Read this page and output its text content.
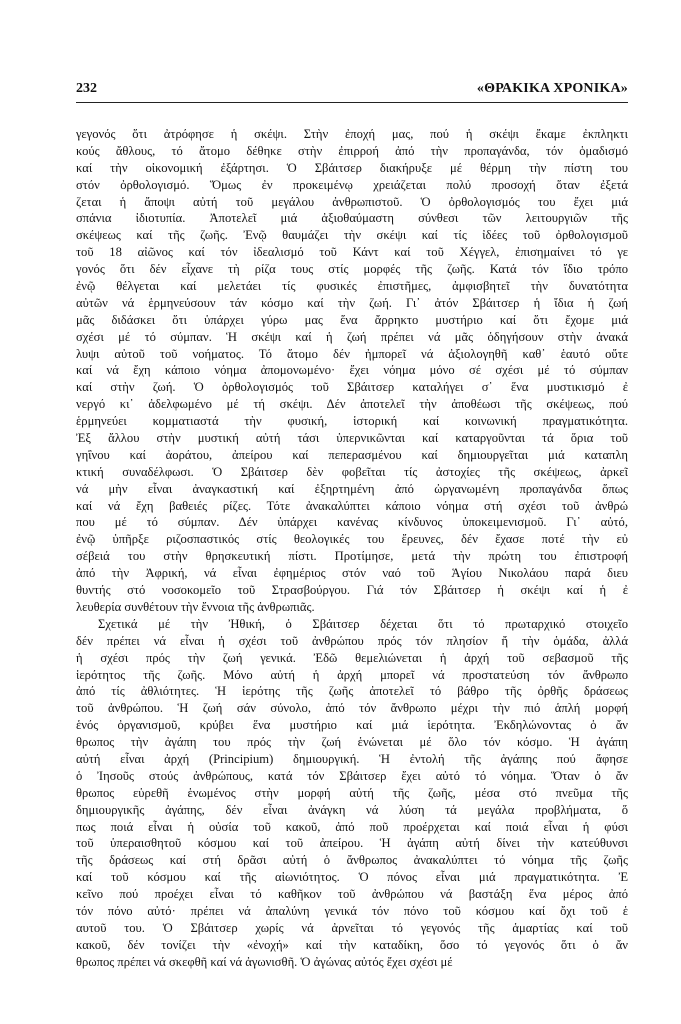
232	«ΘΡΑΚΙΚΑ ΧΡΟΝΙΚΑ»
γεγονός ὅτι ἀτρόφησε ἡ σκέψι. Στὴν ἐποχή μας, πού ἡ σκέψι ἔκαμε ἐκπληκτι
κούς ἄθλους, τό ἄτομο δέθηκε στὴν ἐπιρροή ἀπό τὴν προπαγάνδα, τόν ὁμαδισμό
καί τὴν οἰκονομική ἐξάρτησι. Ὁ Σβάιτσερ διακήρυξε μέ θέρμη τὴν πίστη του
στόν ὀρθολογισμό. Ὅμως ἐν προκειμένῳ χρειάζεται πολύ προσοχή ὅταν ἐξετά
ζεται ἡ ἄποψι αὐτή τοῦ μεγάλου ἀνθρωπιστοῦ. Ὁ ὀρθολογισμός του ἔχει μιά
σπάνια ἰδιοτυπία. Ἀποτελεῖ μιά ἀξιοθαύμαστη σύνθεσι τῶν λειτουργιῶν τῆς
σκέψεως καί τῆς ζωῆς. Ἐνῷ θαυμάζει τὴν σκέψι καί τίς ἰδέες τοῦ ὀρθολογισμοῦ
τοῦ 18 αἰῶνος καί τόν ἰδεαλισμό τοῦ Κάντ καί τοῦ Χέγγελ, ἐπισημαίνει τό γε
γονός ὅτι δέν εἶχανε τὴ ρίζα τους στίς μορφές τῆς ζωῆς. Κατά τόν ἴδιο τρόπο
ἐνῷ θέλγεται καί μελετάει τίς φυσικές ἐπιστῆμες, ἀμφισβητεῖ τὴν δυνατότητα
αὐτῶν νά ἑρμηνεύσουν τάν κόσμο καί τὴν ζωή. Γι᾽ ἀτόν Σβάιτσερ ἡ ἴδια ἡ ζωή
μᾶς διδάσκει ὅτι ὑπάρχει γύρω μας ἕνα ἄρρηκτο μυστήριο καί ὅτι ἔχομε μιά
σχέσι μέ τό σύμπαν. Ἡ σκέψι καί ἡ ζωή πρέπει νά μᾶς ὁδηγήσουν στὴν ἀνακά
λυψι αὐτοῦ τοῦ νοήματος. Τό ἄτομο δέν ἠμπορεῖ νά ἀξιολογηθῆ καθ᾽ ἑαυτό οὔτε
καί νά ἔχη κάποιο νόημα ἀπομονωμένο· ἔχει νόημα μόνο σέ σχέσι μέ τό σύμπαν
καί στὴν ζωή. Ὁ ὀρθολογισμός τοῦ Σβάιτσερ καταλήγει σ᾽ ἕνα μυστικισμό ἐ
νεργό κι᾽ ἀδελφωμένο μέ τή σκέψι. Δέν ἀποτελεῖ τὴν ἀποθέωσι τῆς σκέψεως, πού
ἑρμηνεύει κομματιαστά τὴν φυσική, ἱστορική καί κοινωνική πραγματικότητα.
Ἐξ ἄλλου στὴν μυστική αὐτή τάσι ὑπερνικῶνται καί καταργοῦνται τά ὅρια τοῦ
γηΐνου καί ἀοράτου, ἀπείρου καί πεπερασμένου καί δημιουργεῖται μιά καταπλη
κτική συναδέλφωσι. Ὁ Σβάιτσερ δὲν φοβεῖται τίς ἀστοχίες τῆς σκέψεως, ἀρκεῖ
νά μὴν εἶναι ἀναγκαστική καί ἐξηρτημένη ἀπό ὠργανωμένη προπαγάνδα ὅπως
καί νά ἔχη βαθειές ρίζες. Τότε ἀνακαλύπτει κάποιο νόημα στή σχέσι τοῦ ἀνθρώ
που μέ τό σύμπαν. Δέν ὑπάρχει κανένας κίνδυνος ὑποκειμενισμοῦ. Γι᾽ αὐτό,
ἐνῷ ὑπῆρξε ριζοσπαστικός στίς θεολογικές του ἔρευνες, δέν ἔχασε ποτέ τὴν εὐ
σέβειά του στὴν θρησκευτική πίστι. Προτίμησε, μετά τὴν πρώτη του ἐπιστροφή
ἀπό τὴν Ἀφρική, νά εἶναι ἐφημέριος στόν ναό τοῦ Ἁγίου Νικολάου παρά διευ
θυντής στό νοσοκομεῖο τοῦ Στρασβούργου. Γιά τόν Σβάιτσερ ἡ σκέψι καί ἡ ἐ
λευθερία συνθέτουν τὴν ἔννοια τῆς ἀνθρωπιᾶς.
Σχετικά μέ τὴν Ἠθική, ὁ Σβάιτσερ δέχεται ὅτι τό πρωταρχικό στοιχεῖο
δέν πρέπει νά εἶναι ἡ σχέσι τοῦ ἀνθρώπου πρός τόν πλησίον ἤ τὴν ὁμάδα, ἀλλά
ἡ σχέσι πρός τὴν ζωή γενικά. Ἐδῶ θεμελιώνεται ἡ ἀρχή τοῦ σεβασμοῦ τῆς
ἱερότητος τῆς ζωῆς. Μόνο αὐτή ἡ ἀρχή μπορεῖ νά προστατεύση τόν ἄνθρωπο
ἀπό τίς ἀθλιότητες. Ἡ ἱερότης τῆς ζωῆς ἀποτελεῖ τό βάθρο τῆς ὀρθῆς δράσεως
τοῦ ἀνθρώπου. Ἡ ζωή σάν σύνολο, ἀπό τόν ἄνθρωπο μέχρι τὴν πιό ἁπλή μορφή
ἑνός ὀργανισμοῦ, κρύβει ἕνα μυστήριο καί μιά ἱερότητα. Ἐκδηλώνοντας ὁ ἄν
θρωπος τὴν ἀγάπη του πρός τὴν ζωή ἑνώνεται μέ ὅλο τόν κόσμο. Ἡ ἀγάπη
αὐτή εἶναι ἀρχή (Principium) δημιουργική. Ἡ ἐντολή τῆς ἀγάπης πού ἄφησε
ὁ Ἰησοῦς στούς ἀνθρώπους, κατά τόν Σβάιτσερ ἔχει αὐτό τό νόημα. Ὅταν ὁ ἄν
θρωπος εὑρεθῆ ἑνωμένος στὴν μορφή αὐτή τῆς ζωῆς, μέσα στό πνεῦμα τῆς
δημιουργικῆς ἀγάπης, δέν εἶναι ἀνάγκη νά λύση τά μεγάλα προβλήματα, ὅ
πως ποιά εἶναι ἡ οὐσία τοῦ κακοῦ, ἀπό ποῦ προέρχεται καί ποιά εἶναι ἡ φύσι
τοῦ ὑπεραισθητοῦ κόσμου καί τοῦ ἀπείρου. Ἡ ἀγάπη αὐτή δίνει τὴν κατεύθυνσι
τῆς δράσεως καί στή δρᾶσι αὐτή ὁ ἄνθρωπος ἀνακαλύπτει τό νόημα τῆς ζωῆς
καί τοῦ κόσμου καί τῆς αἰωνιότητος. Ὁ πόνος εἶναι μιά πραγματικότητα. Ἐ
κεῖνο πού προέχει εἶναι τό καθῆκον τοῦ ἀνθρώπου νά βαστάξη ἕνα μέρος ἀπό
τόν πόνο αὐτό· πρέπει νά ἀπαλύνη γενικά τόν πόνο τοῦ κόσμου καί ὄχι τοῦ ἑ
αυτοῦ του. Ὁ Σβάιτσερ χωρίς νά ἀρνεῖται τό γεγονός τῆς ἁμαρτίας καί τοῦ
κακοῦ, δέν τονίζει τὴν «ἐνοχή» καί τὴν καταδίκη, ὅσο τό γεγονός ὅτι ὁ ἄν
θρωπος πρέπει νά σκεφθῆ καί νά ἀγωνισθῆ. Ὁ ἀγώνας αὐτός ἔχει σχέσι μέ
